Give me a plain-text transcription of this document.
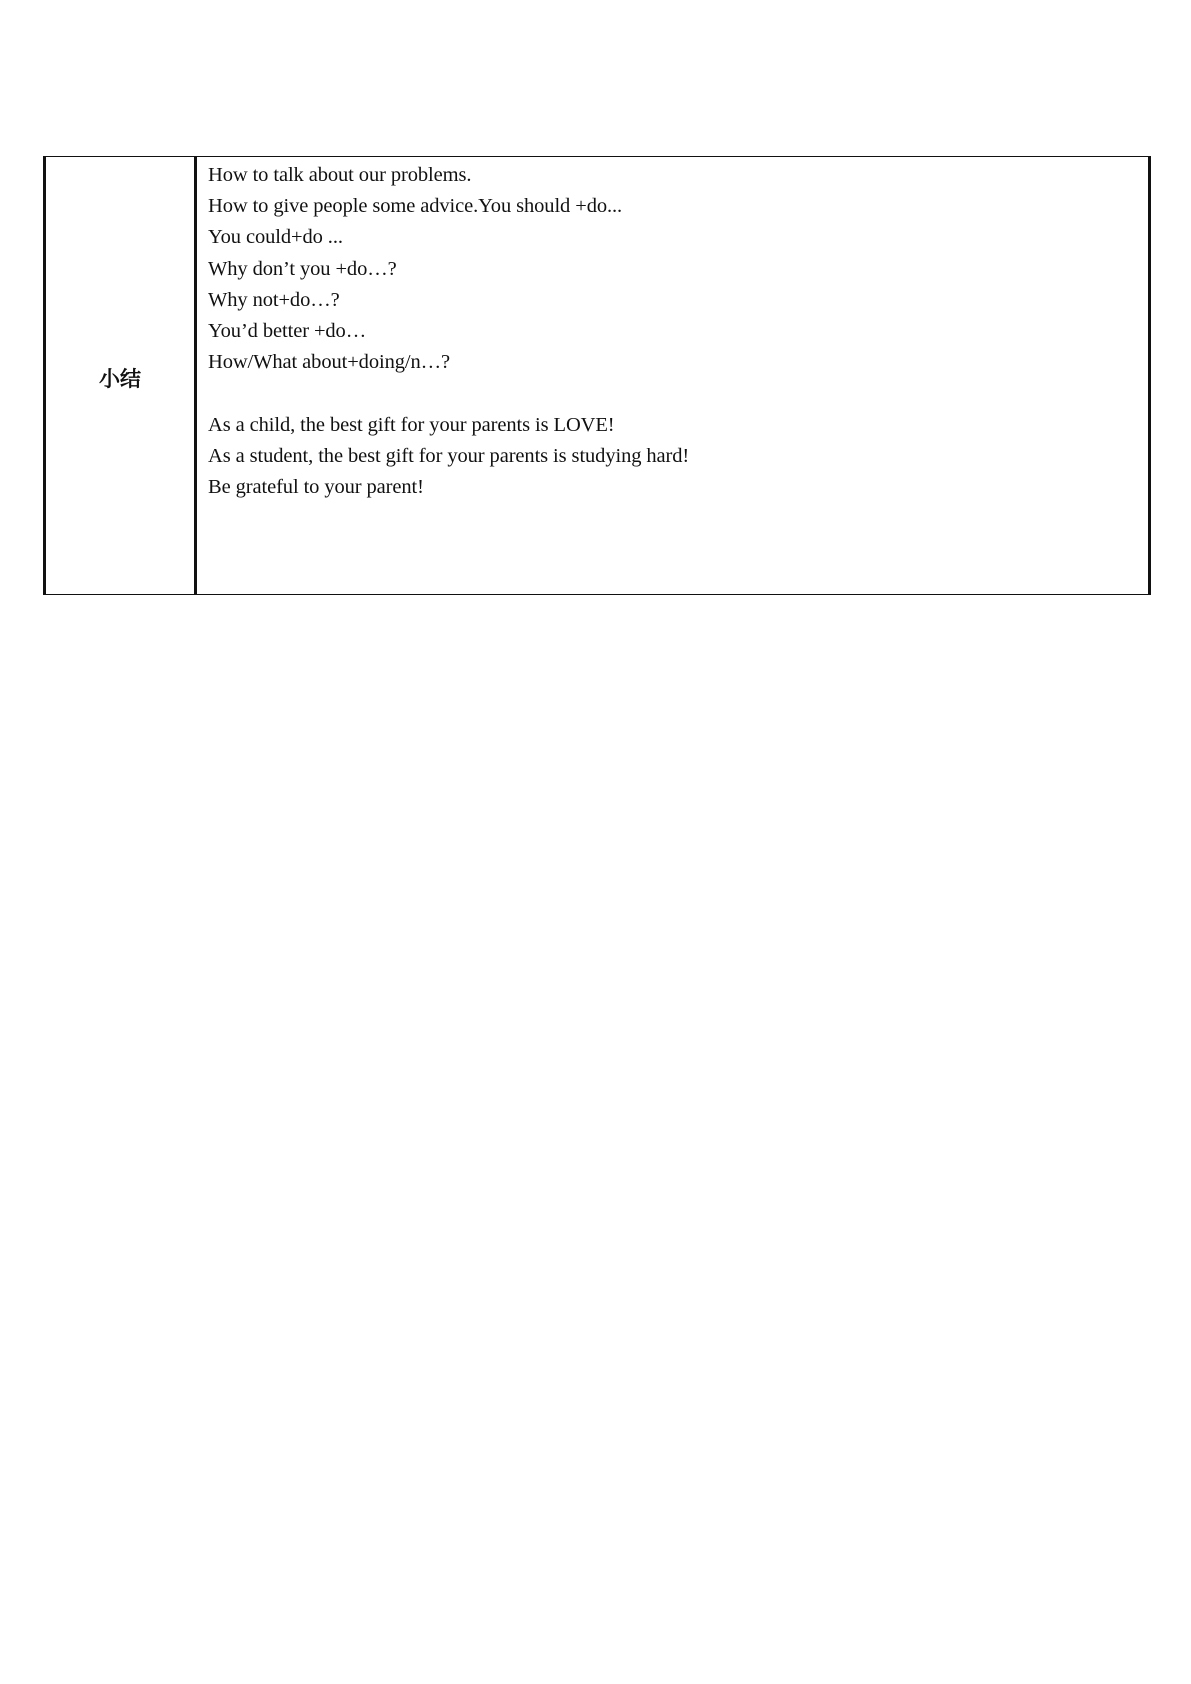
小结	
How to talk about our problems.
How to give people some advice.You should +do...
You could+do ...
Why don’t you +do…?
Why not+do…?
You’d better +do…
How/What about+doing/n…?
As a child, the best gift for your parents is LOVE!
As a student, the best gift for your parents is studying hard!
Be grateful to your parent!
